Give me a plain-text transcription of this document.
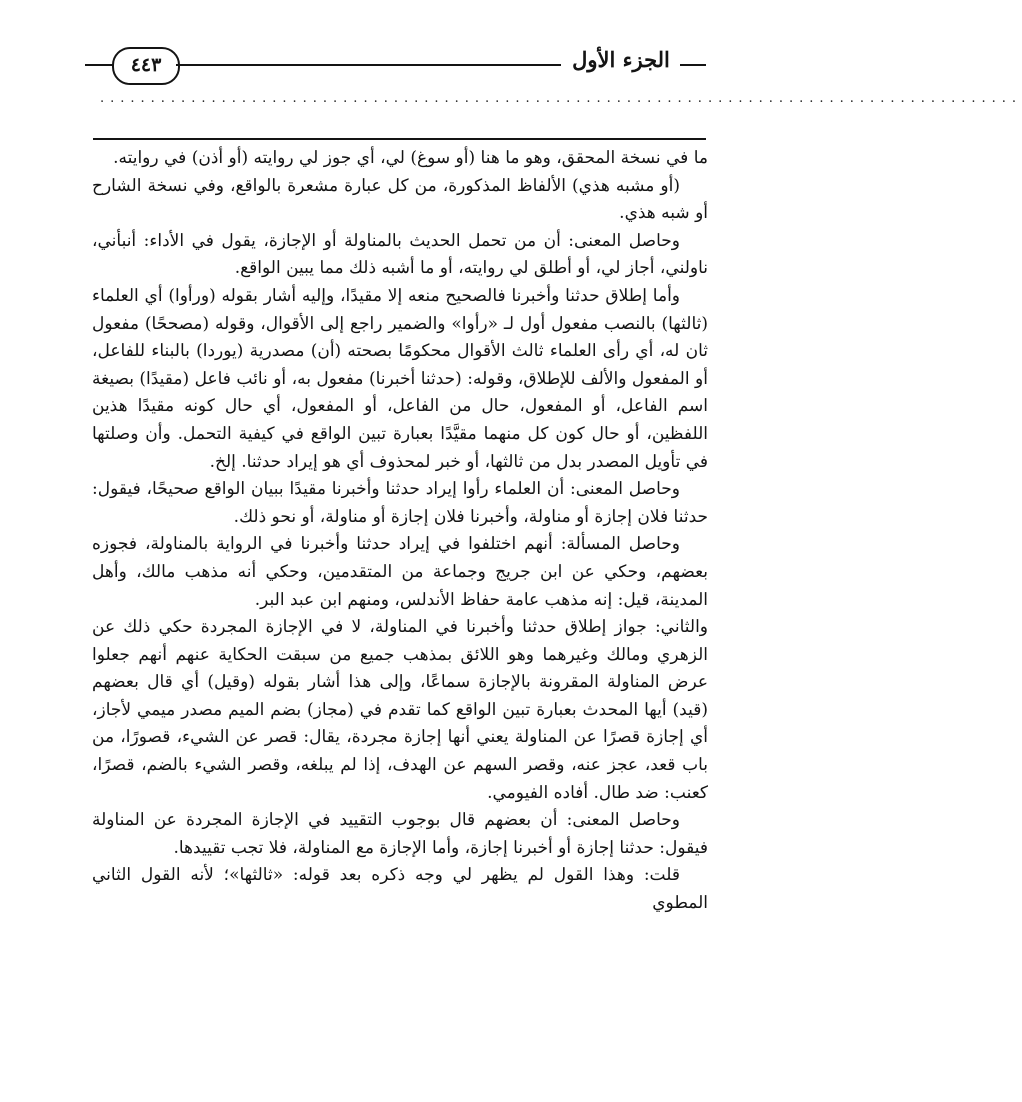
٤٤٣	الجزء الأول
...........................................................................................

ما في نسخة المحقق، وهو ما هنا (أو سوغ) لي، أي جوز لي روايته (أو أذن) في روايته.

(أو مشبه هذي) الألفاظ المذكورة، من كل عبارة مشعرة بالواقع، وفي نسخة الشارح أو شبه هذي.

وحاصل المعنى: أن من تحمل الحديث بالمناولة أو الإجازة، يقول في الأداء: أنبأني، ناولني، أجاز لي، أو أطلق لي روايته، أو ما أشبه ذلك مما يبين الواقع.

وأما إطلاق حدثنا وأخبرنا فالصحيح منعه إلا مقيدًا، وإليه أشار بقوله (ورأوا) أي العلماء (ثالثها) بالنصب مفعول أول لـ «رأوا» والضمير راجع إلى الأقوال، وقوله (مصححًا) مفعول ثان له، أي رأى العلماء ثالث الأقوال محكومًا بصحته (أن) مصدرية (يوردا) بالبناء للفاعل، أو المفعول والألف للإطلاق، وقوله: (حدثنا أخبرنا) مفعول به، أو نائب فاعل (مقيدًا) بصيغة اسم الفاعل، أو المفعول، حال من الفاعل، أو المفعول، أي حال كونه مقيدًا هذين اللفظين، أو حال كون كل منهما مقيَّدًا بعبارة تبين الواقع في كيفية التحمل. وأن وصلتها في تأويل المصدر بدل من ثالثها، أو خبر لمحذوف أي هو إيراد حدثنا. إلخ.

وحاصل المعنى: أن العلماء رأوا إيراد حدثنا وأخبرنا مقيدًا ببيان الواقع صحيحًا، فيقول: حدثنا فلان إجازة أو مناولة، وأخبرنا فلان إجازة أو مناولة، أو نحو ذلك.

وحاصل المسألة: أنهم اختلفوا في إيراد حدثنا وأخبرنا في الرواية بالمناولة، فجوزه بعضهم، وحكي عن ابن جريج وجماعة من المتقدمين، وحكي أنه مذهب مالك، وأهل المدينة، قيل: إنه مذهب عامة حفاظ الأندلس، ومنهم ابن عبد البر.

والثاني: جواز إطلاق حدثنا وأخبرنا في المناولة، لا في الإجازة المجردة حكي ذلك عن الزهري ومالك وغيرهما وهو اللائق بمذهب جميع من سبقت الحكاية عنهم أنهم جعلوا عرض المناولة المقرونة بالإجازة سماعًا، وإلى هذا أشار بقوله (وقيل) أي قال بعضهم (قيد) أيها المحدث بعبارة تبين الواقع كما تقدم في (مجاز) بضم الميم مصدر ميمي لأجاز، أي إجازة قصرًا عن المناولة يعني أنها إجازة مجردة، يقال: قصر عن الشيء، قصورًا، من باب قعد، عجز عنه، وقصر السهم عن الهدف، إذا لم يبلغه، وقصر الشيء بالضم، قصرًا، كعنب: ضد طال. أفاده الفيومي.

وحاصل المعنى: أن بعضهم قال بوجوب التقييد في الإجازة المجردة عن المناولة فيقول: حدثنا إجازة أو أخبرنا إجازة، وأما الإجازة مع المناولة، فلا تجب تقييدها.

قلت: وهذا القول لم يظهر لي وجه ذكره بعد قوله: «ثالثها»؛ لأنه القول الثاني المطوي
